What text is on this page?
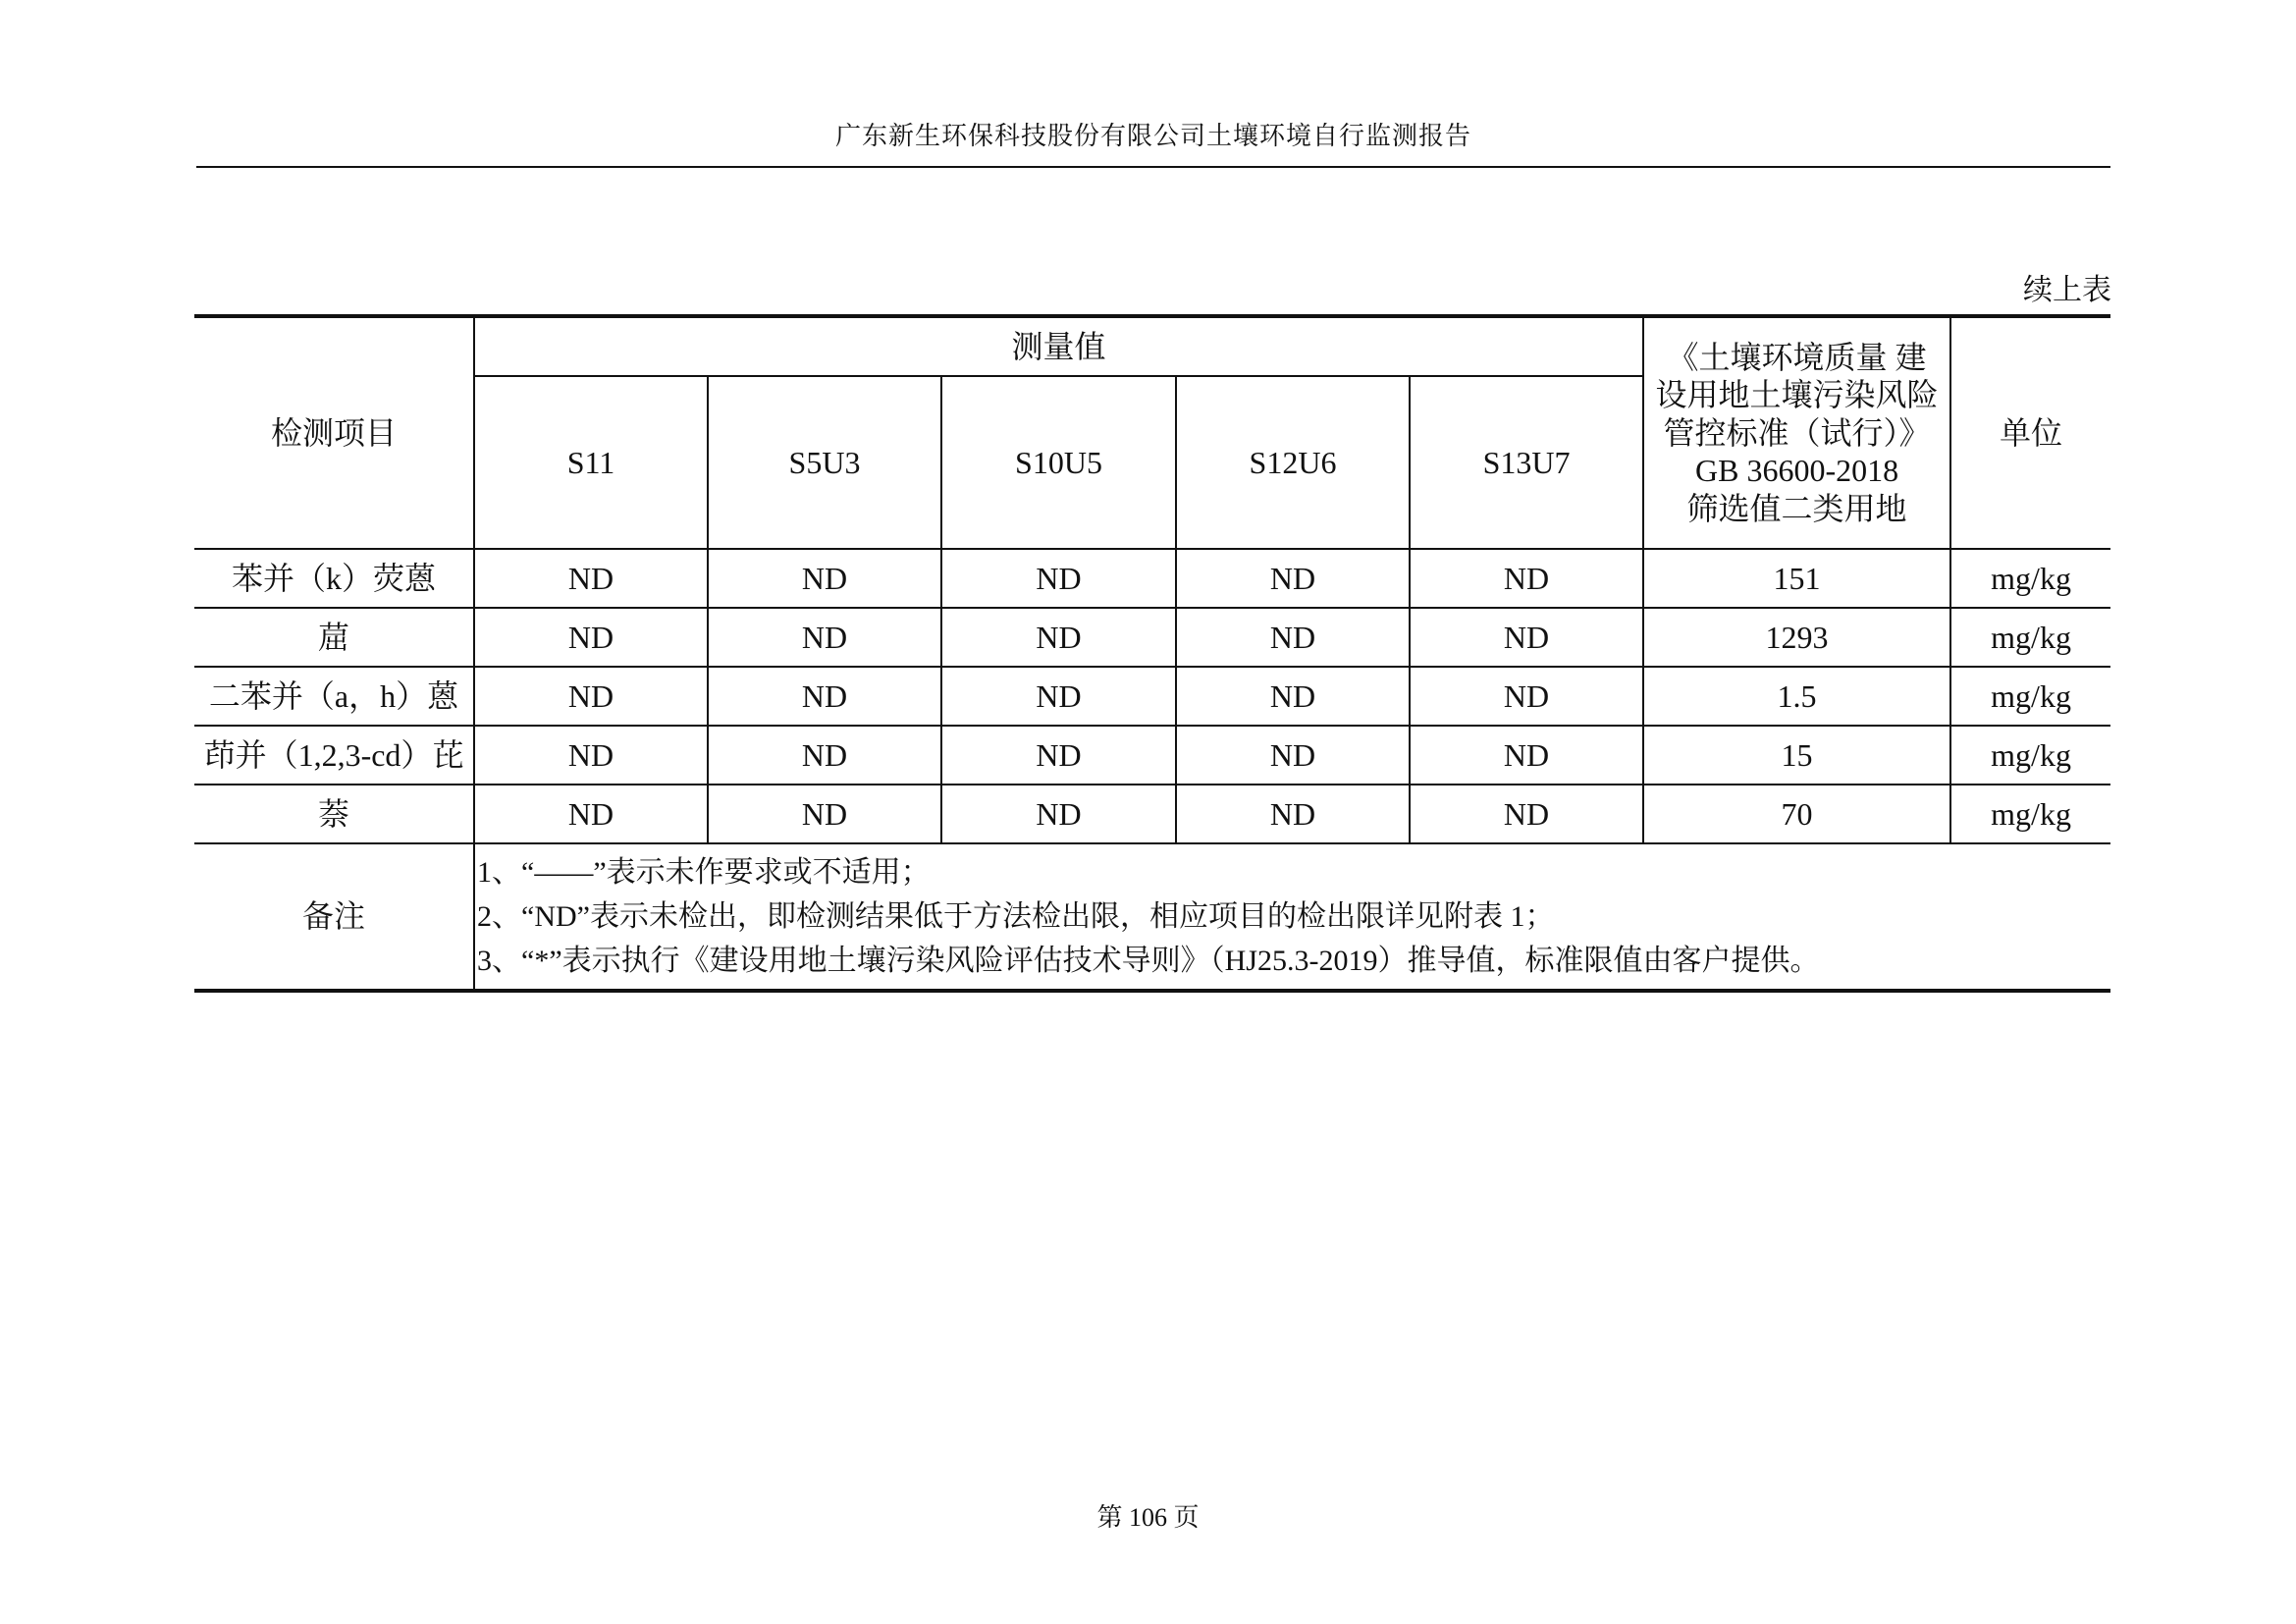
广东新生环保科技股份有限公司土壤环境自行监测报告
续上表
检测项目	测量值					《土壤环境质量 建
设用地土壤污染风险
管控标准（试行）》
GB 36600-2018
筛选值二类用地	单位
	S11	S5U3	S10U5	S12U6	S13U7		
苯并（k）荧蒽	ND	ND	ND	ND	ND	151	mg/kg
䓛	ND	ND	ND	ND	ND	1293	mg/kg
二苯并（a，h）蒽	ND	ND	ND	ND	ND	1.5	mg/kg
茚并（1,2,3-cd）芘	ND	ND	ND	ND	ND	15	mg/kg
萘	ND	ND	ND	ND	ND	70	mg/kg
备注	1、“——”表示未作要求或不适用；
2、“ND”表示未检出，即检测结果低于方法检出限，相应项目的检出限详见附表 1；
3、“*”表示执行《建设用地土壤污染风险评估技术导则》（HJ25.3-2019）推导值，标准限值由客户提供。						
第 106 页
